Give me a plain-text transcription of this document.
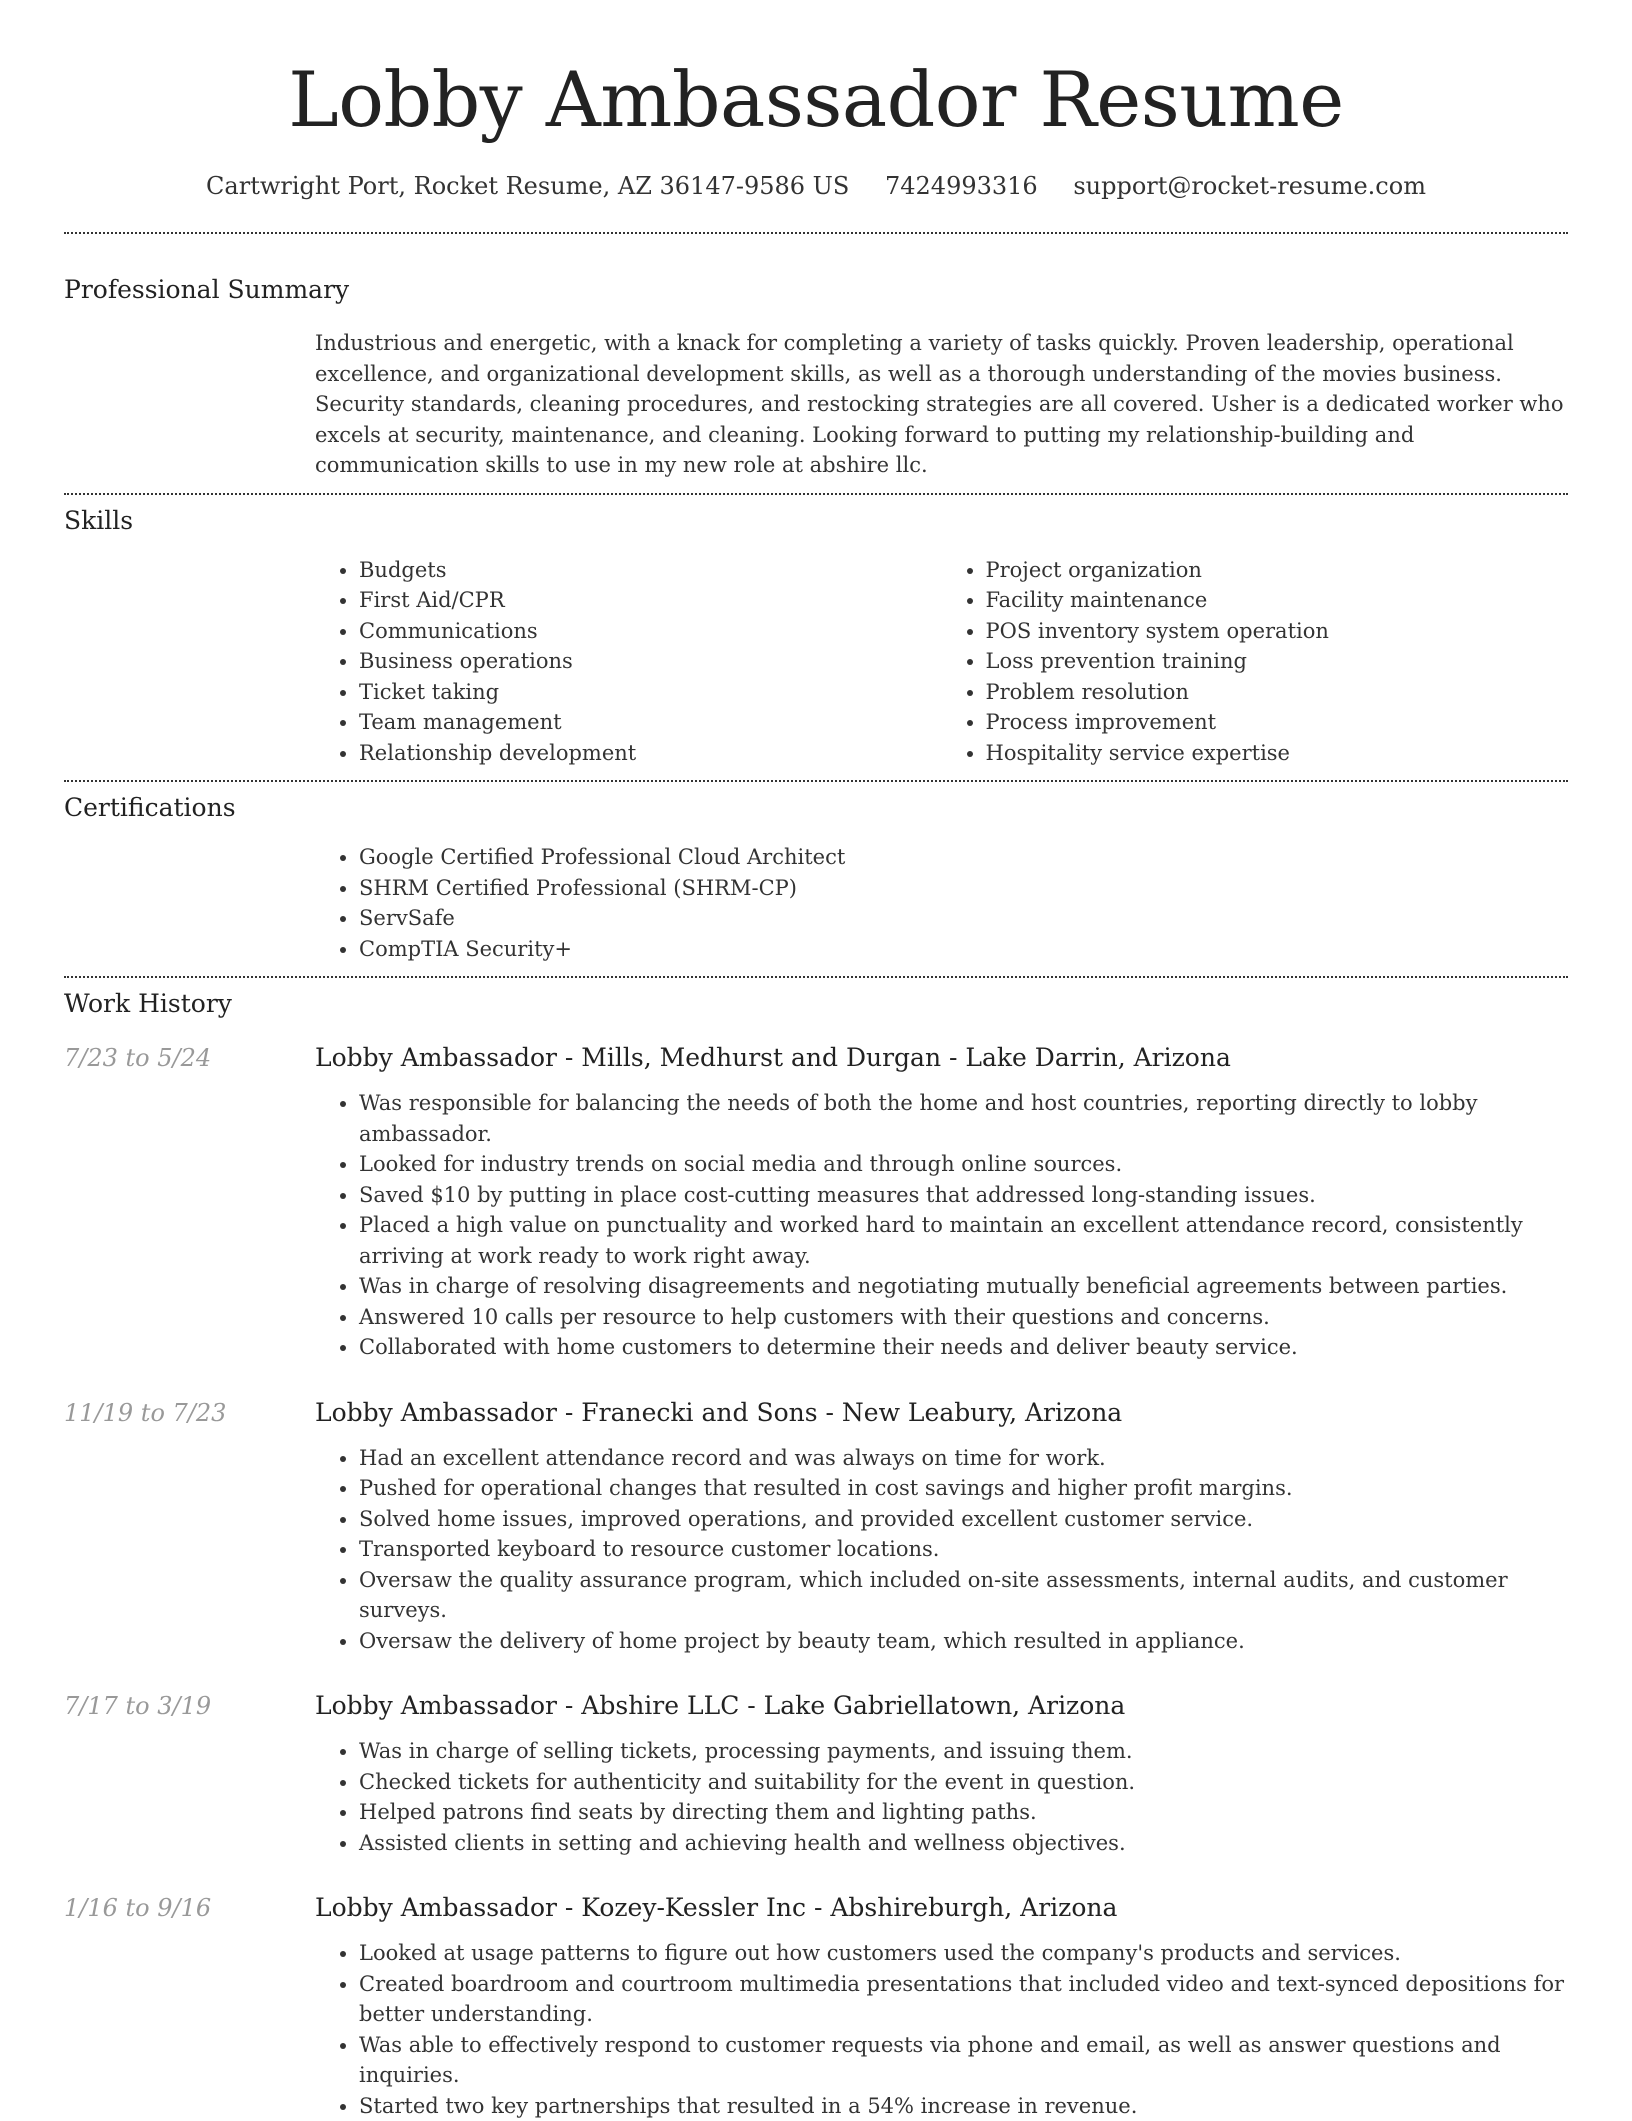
Lobby Ambassador Resume
Cartwright Port, Rocket Resume, AZ 36147-9586 US 7424993316 support@rocket-resume.com
Professional Summary

Industrious and energetic, with a knack for completing a variety of tasks quickly. Proven leadership, operational excellence, and organizational development skills, as well as a thorough understanding of the movies business. Security standards, cleaning procedures, and restocking strategies are all covered. Usher is a dedicated worker who excels at security, maintenance, and cleaning. Looking forward to putting my relationship-building and communication skills to use in my new role at abshire llc.

Skills
• Budgets
• First Aid/CPR
• Communications
• Business operations
• Ticket taking
• Team management
• Relationship development
• Project organization
• Facility maintenance
• POS inventory system operation
• Loss prevention training
• Problem resolution
• Process improvement
• Hospitality service expertise
Certifications
• Google Certified Professional Cloud Architect
• SHRM Certified Professional (SHRM-CP)
• ServSafe
• CompTIA Security+
Work History
7/23 to 5/24	Lobby Ambassador - Mills, Medhurst and Durgan - Lake Darrin, Arizona
• Was responsible for balancing the needs of both the home and host countries, reporting directly to lobby ambassador.
• Looked for industry trends on social media and through online sources.
• Saved $10 by putting in place cost-cutting measures that addressed long-standing issues.
• Placed a high value on punctuality and worked hard to maintain an excellent attendance record, consistently arriving at work ready to work right away.
• Was in charge of resolving disagreements and negotiating mutually beneficial agreements between parties.
• Answered 10 calls per resource to help customers with their questions and concerns.
• Collaborated with home customers to determine their needs and deliver beauty service.
11/19 to 7/23	Lobby Ambassador - Franecki and Sons - New Leabury, Arizona
• Had an excellent attendance record and was always on time for work.
• Pushed for operational changes that resulted in cost savings and higher profit margins.
• Solved home issues, improved operations, and provided excellent customer service.
• Transported keyboard to resource customer locations.
• Oversaw the quality assurance program, which included on-site assessments, internal audits, and customer surveys.
• Oversaw the delivery of home project by beauty team, which resulted in appliance.
7/17 to 3/19	Lobby Ambassador - Abshire LLC - Lake Gabriellatown, Arizona
• Was in charge of selling tickets, processing payments, and issuing them.
• Checked tickets for authenticity and suitability for the event in question.
• Helped patrons find seats by directing them and lighting paths.
• Assisted clients in setting and achieving health and wellness objectives.
1/16 to 9/16	Lobby Ambassador - Kozey-Kessler Inc - Abshireburgh, Arizona
• Looked at usage patterns to figure out how customers used the company's products and services.
• Created boardroom and courtroom multimedia presentations that included video and text-synced depositions for better understanding.
• Was able to effectively respond to customer requests via phone and email, as well as answer questions and inquiries.
• Started two key partnerships that resulted in a 54% increase in revenue.
